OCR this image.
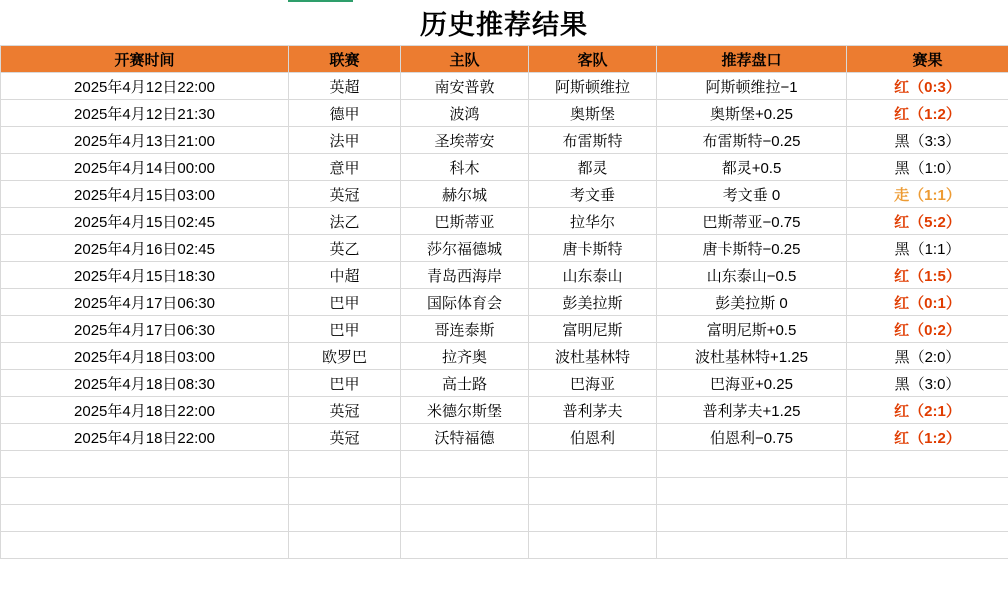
历史推荐结果
开赛时间	联赛	主队	客队	推荐盘口	赛果
2025年4月12日22:00	英超	南安普敦	阿斯顿维拉	阿斯顿维拉−1	红（0:3）
2025年4月12日21:30	德甲	波鸿	奥斯堡	奥斯堡+0.25	红（1:2）
2025年4月13日21:00	法甲	圣埃蒂安	布雷斯特	布雷斯特−0.25	黑（3:3）
2025年4月14日00:00	意甲	科木	都灵	都灵+0.5	黑（1:0）
2025年4月15日03:00	英冠	赫尔城	考文垂	考文垂 0	走（1:1）
2025年4月15日02:45	法乙	巴斯蒂亚	拉华尔	巴斯蒂亚−0.75	红（5:2）
2025年4月16日02:45	英乙	莎尔福德城	唐卡斯特	唐卡斯特−0.25	黑（1:1）
2025年4月15日18:30	中超	青岛西海岸	山东泰山	山东泰山−0.5	红（1:5）
2025年4月17日06:30	巴甲	国际体育会	彭美拉斯	彭美拉斯 0	红（0:1）
2025年4月17日06:30	巴甲	哥连泰斯	富明尼斯	富明尼斯+0.5	红（0:2）
2025年4月18日03:00	欧罗巴	拉齐奥	波杜基林特	波杜基林特+1.25	黑（2:0）
2025年4月18日08:30	巴甲	高士路	巴海亚	巴海亚+0.25	黑（3:0）
2025年4月18日22:00	英冠	米德尔斯堡	普利茅夫	普利茅夫+1.25	红（2:1）
2025年4月18日22:00	英冠	沃特福德	伯恩利	伯恩利−0.75	红（1:2）
